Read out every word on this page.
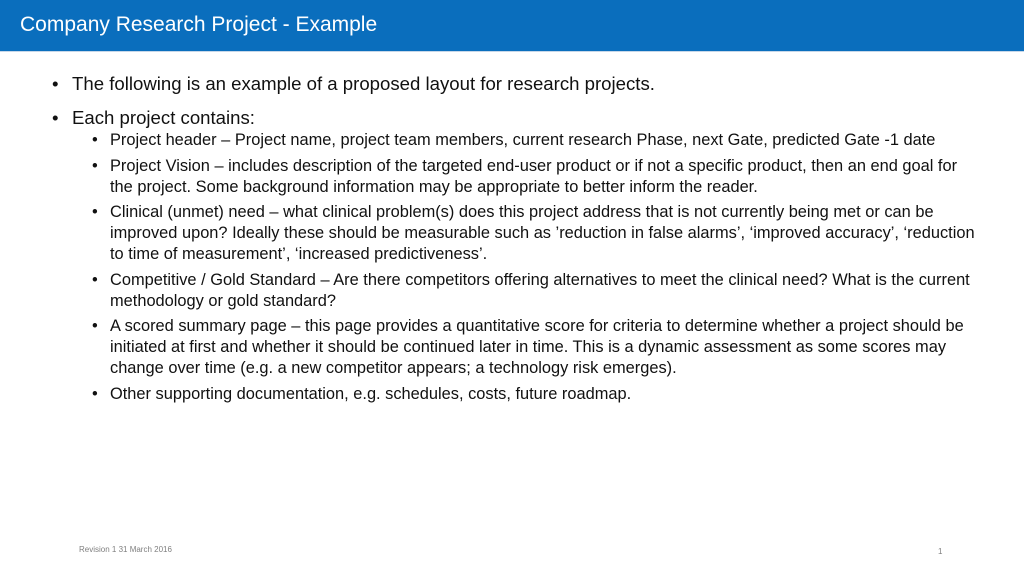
Company Research Project - Example
• The following is an example of a proposed layout for research projects.
• Each project contains:
• Project header – Project name, project team members, current research Phase, next Gate, predicted Gate -1 date
• Project Vision – includes description of the targeted end-user product or if not a specific product, then an end goal for the project. Some background information may be appropriate to better inform the reader.
• Clinical (unmet) need – what clinical problem(s) does this project address that is not currently being met or can be improved upon? Ideally these should be measurable such as ’reduction in false alarms’, ‘improved accuracy’, ‘reduction to time of measurement’, ‘increased predictiveness’.
• Competitive / Gold Standard – Are there competitors offering alternatives to meet the clinical need? What is the current methodology or gold standard?
• A scored summary page – this page provides a quantitative score for criteria to determine whether a project should be initiated at first and whether it should be continued later in time. This is a dynamic assessment as some scores may change over time (e.g. a new competitor appears; a technology risk emerges).
• Other supporting documentation, e.g. schedules, costs, future roadmap.
Revision 1 31 March 2016	1
